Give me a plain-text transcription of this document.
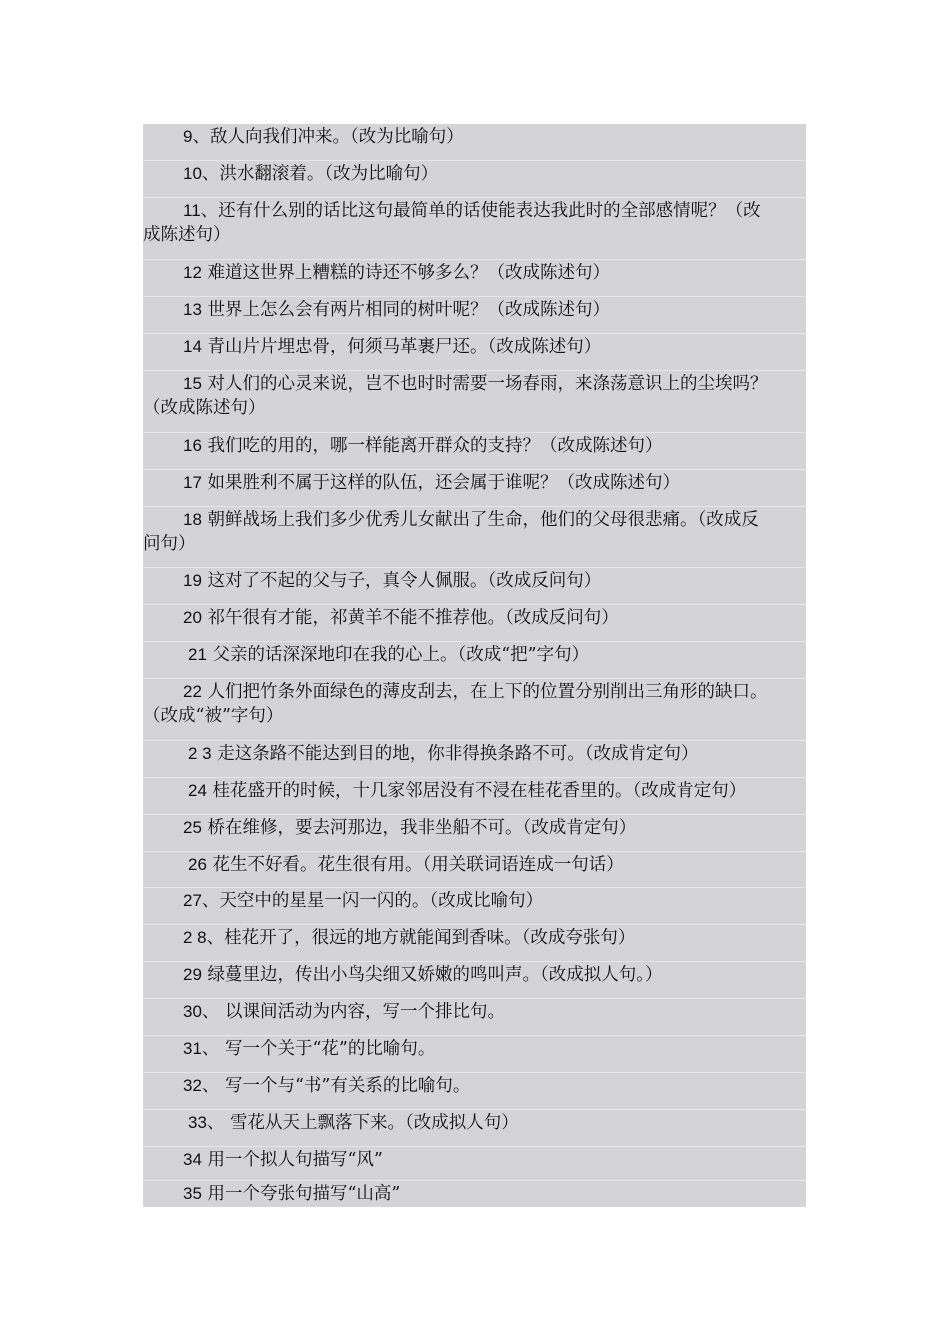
9、敌人向我们冲来。（改为比喻句）
10、洪水翻滚着。（改为比喻句）
11、还有什么别的话比这句最简单的话使能表达我此时的全部感情呢？（改
成陈述句）
12 难道这世界上糟糕的诗还不够多么？（改成陈述句）
13 世界上怎么会有两片相同的树叶呢？（改成陈述句）
14 青山片片埋忠骨，何须马革裹尸还。（改成陈述句）
15 对人们的心灵来说，岂不也时时需要一场春雨，来涤荡意识上的尘埃吗？
（改成陈述句）
16 我们吃的用的，哪一样能离开群众的支持？（改成陈述句）
17 如果胜利不属于这样的队伍，还会属于谁呢？（改成陈述句）
18 朝鲜战场上我们多少优秀儿女献出了生命，他们的父母很悲痛。（改成反
问句）
19 这对了不起的父与子，真令人佩服。（改成反问句）
20 祁午很有才能，祁黄羊不能不推荐他。（改成反问句）
21 父亲的话深深地印在我的心上。（改成“把”字句）
22 人们把竹条外面绿色的薄皮刮去，在上下的位置分别削出三角形的缺口。
（改成“被”字句）
2 3 走这条路不能达到目的地，你非得换条路不可。（改成肯定句）
24 桂花盛开的时候，十几家邻居没有不浸在桂花香里的。（改成肯定句）
25 桥在维修，要去河那边，我非坐船不可。（改成肯定句）
26 花生不好看。花生很有用。（用关联词语连成一句话）
27、天空中的星星一闪一闪的。（改成比喻句）
2 8、桂花开了，很远的地方就能闻到香味。（改成夸张句）
29 绿蔓里边，传出小鸟尖细又娇嫩的鸣叫声。（改成拟人句。）
30、 以课间活动为内容，写一个排比句。
31、 写一个关于“花”的比喻句。
32、 写一个与“书”有关系的比喻句。
33、 雪花从天上飘落下来。（改成拟人句）
34 用一个拟人句描写“风”
35 用一个夸张句描写“山高”
